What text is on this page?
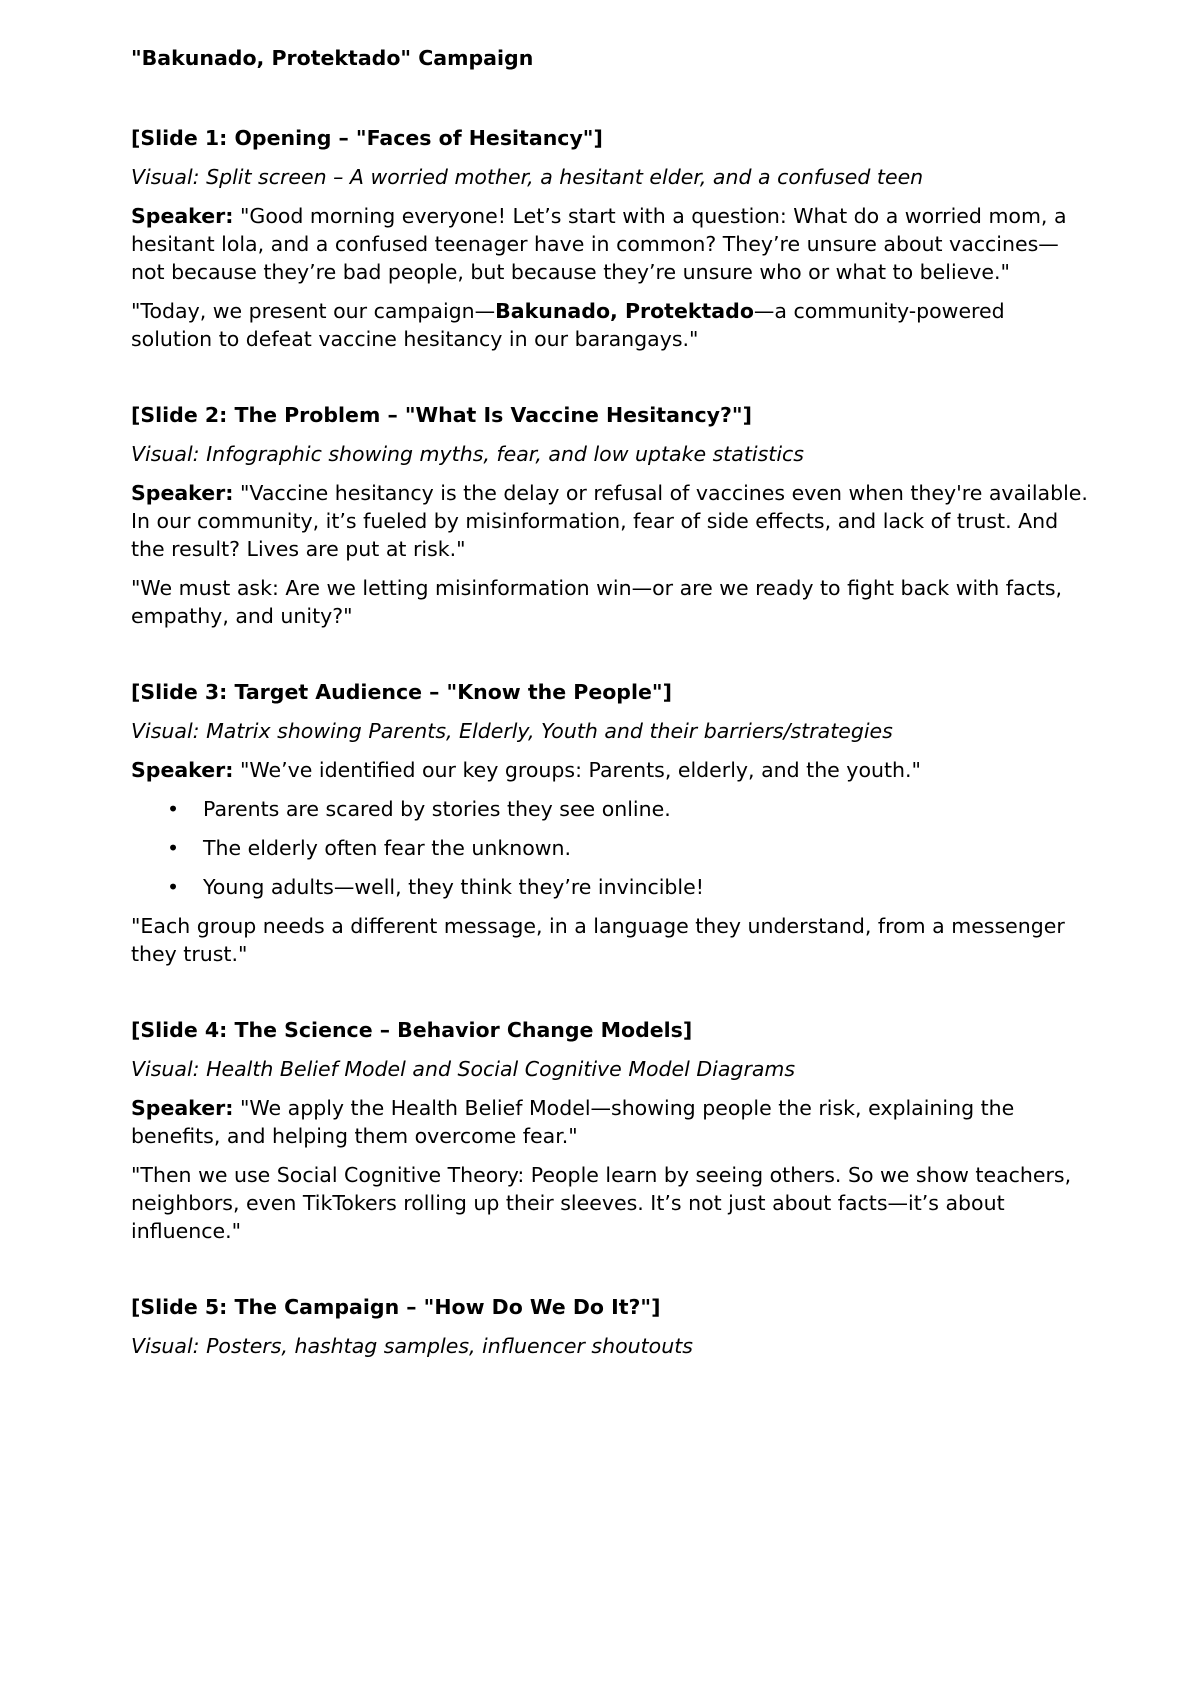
"Bakunado, Protektado" Campaign
[Slide 1: Opening – "Faces of Hesitancy"]

Visual: Split screen – A worried mother, a hesitant elder, and a confused teen

Speaker: "Good morning everyone! Let’s start with a question: What do a worried mom, a hesitant lola, and a confused teenager have in common? They’re unsure about vaccines—not because they’re bad people, but because they’re unsure who or what to believe."

"Today, we present our campaign—Bakunado, Protektado—a community-powered solution to defeat vaccine hesitancy in our barangays."

[Slide 2: The Problem – "What Is Vaccine Hesitancy?"]

Visual: Infographic showing myths, fear, and low uptake statistics

Speaker: "Vaccine hesitancy is the delay or refusal of vaccines even when they're available. In our community, it’s fueled by misinformation, fear of side effects, and lack of trust. And the result? Lives are put at risk."

"We must ask: Are we letting misinformation win—or are we ready to fight back with facts, empathy, and unity?"

[Slide 3: Target Audience – "Know the People"]

Visual: Matrix showing Parents, Elderly, Youth and their barriers/strategies

Speaker: "We’ve identified our key groups: Parents, elderly, and the youth."

• Parents are scared by stories they see online.
• The elderly often fear the unknown.
• Young adults—well, they think they’re invincible!

"Each group needs a different message, in a language they understand, from a messenger they trust."

[Slide 4: The Science – Behavior Change Models]

Visual: Health Belief Model and Social Cognitive Model Diagrams

Speaker: "We apply the Health Belief Model—showing people the risk, explaining the benefits, and helping them overcome fear."

"Then we use Social Cognitive Theory: People learn by seeing others. So we show teachers, neighbors, even TikTokers rolling up their sleeves. It’s not just about facts—it’s about influence."

[Slide 5: The Campaign – "How Do We Do It?"]

Visual: Posters, hashtag samples, influencer shoutouts
